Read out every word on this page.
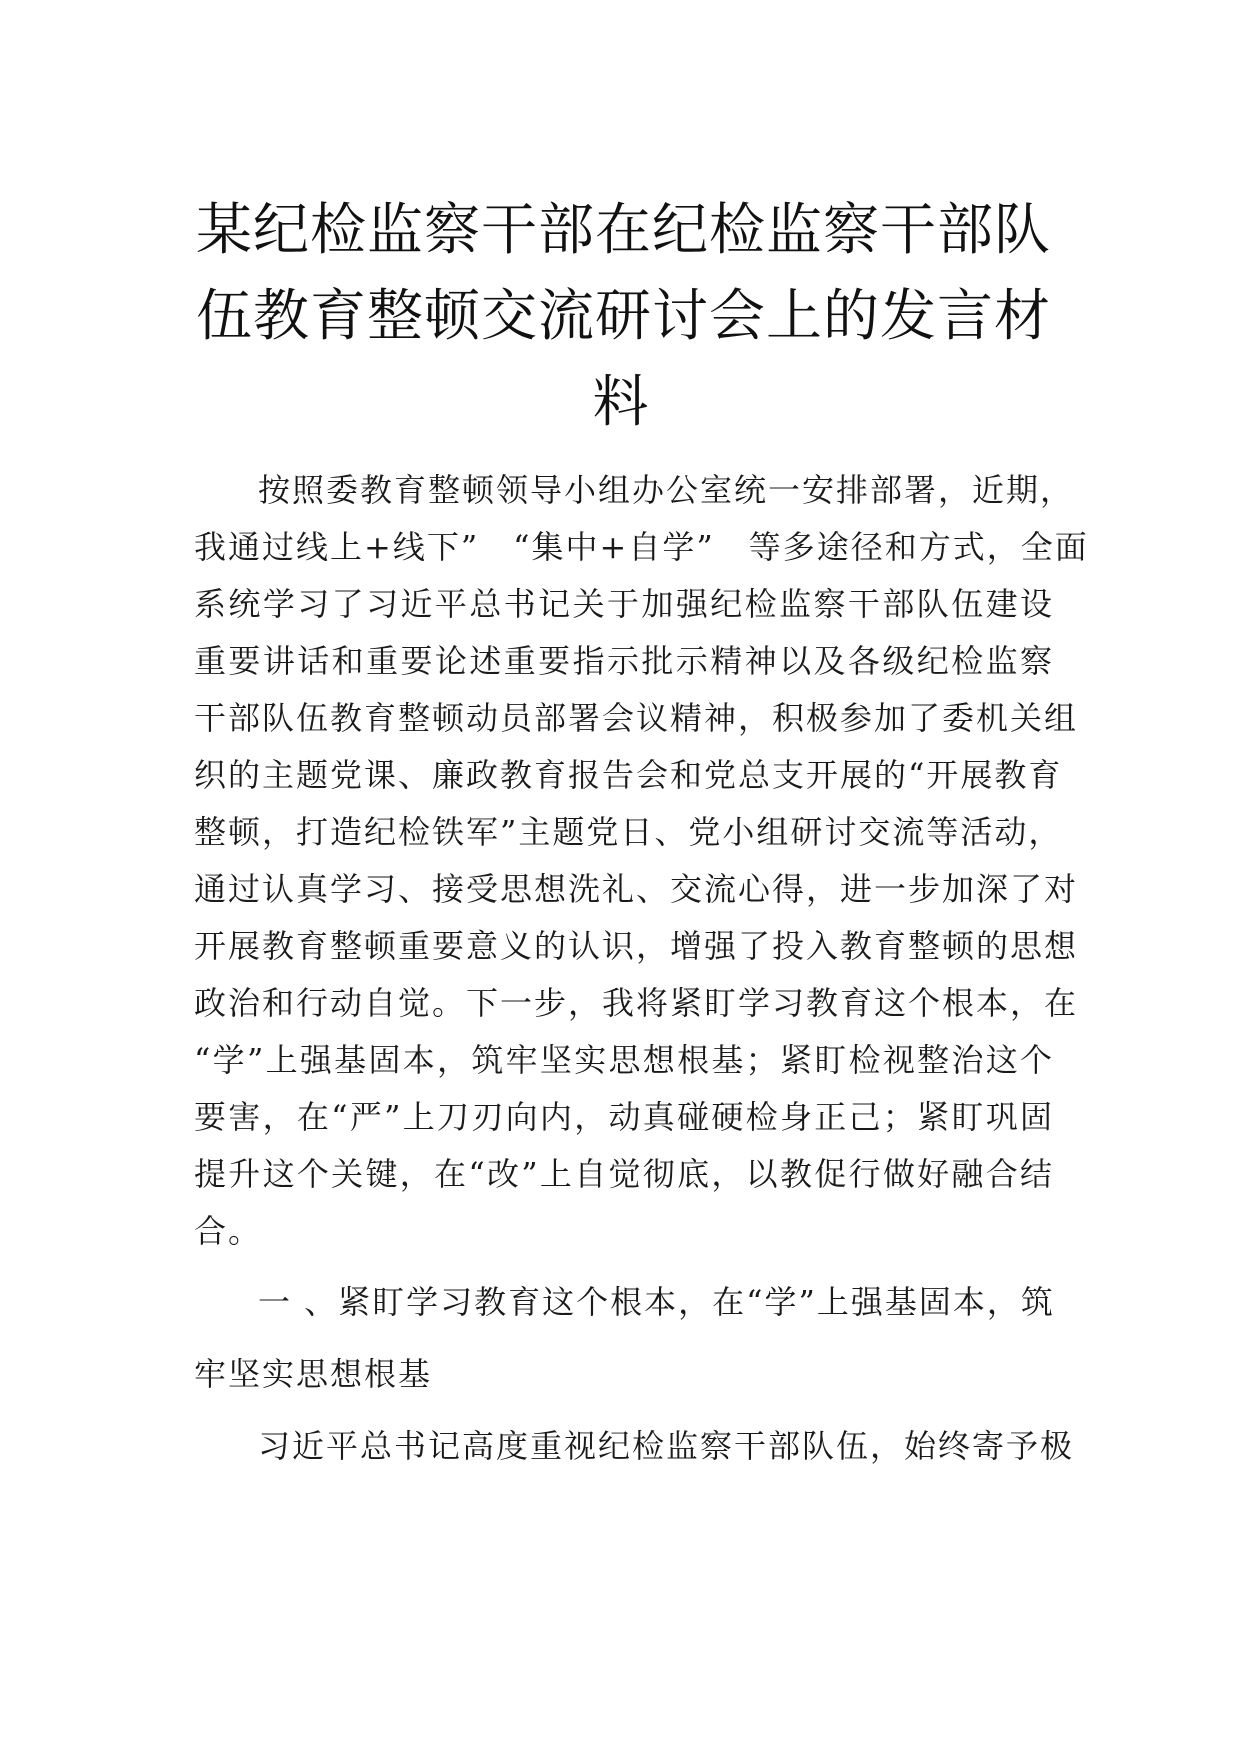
某纪检监察干部在纪检监察干部队
伍教育整顿交流研讨会上的发言材
料
按照委教育整顿领导小组办公室统一安排部署，近期，
我通过线上+线下”　“集中+自学”　等多途径和方式，全面
系统学习了习近平总书记关于加强纪检监察干部队伍建设
重要讲话和重要论述重要指示批示精神以及各级纪检监察
干部队伍教育整顿动员部署会议精神，积极参加了委机关组
织的主题党课、廉政教育报告会和党总支开展的“开展教育
整顿，打造纪检铁军”主题党日、党小组研讨交流等活动，
通过认真学习、接受思想洗礼、交流心得，进一步加深了对
开展教育整顿重要意义的认识，增强了投入教育整顿的思想
政治和行动自觉。下一步，我将紧盯学习教育这个根本，在
“学”上强基固本，筑牢坚实思想根基；紧盯检视整治这个
要害，在“严”上刀刃向内，动真碰硬检身正己；紧盯巩固
提升这个关键，在“改”上自觉彻底，以教促行做好融合结
合。
一 、紧盯学习教育这个根本，在“学”上强基固本，筑
牢坚实思想根基
习近平总书记高度重视纪检监察干部队伍，始终寄予极
